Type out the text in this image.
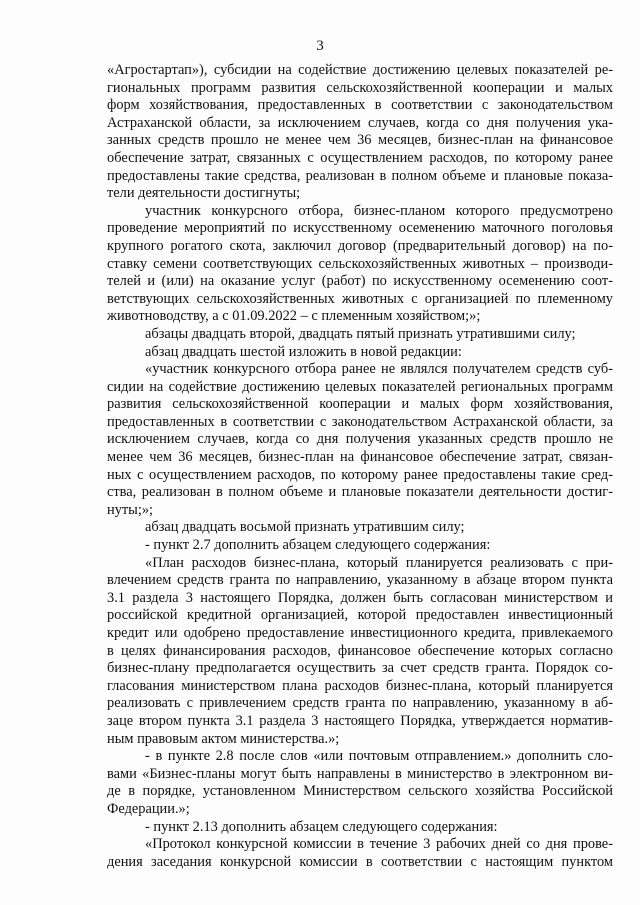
3
«Агростартап»), субсидии на содействие достижению целевых показателей ре-
гиональных программ развития сельскохозяйственной кооперации и малых
форм хозяйствования, предоставленных в соответствии с законодательством
Астраханской области, за исключением случаев, когда со дня получения ука-
занных средств прошло не менее чем 36 месяцев, бизнес-план на финансовое
обеспечение затрат, связанных с осуществлением расходов, по которому ранее
предоставлены такие средства, реализован в полном объеме и плановые показа-
тели деятельности достигнуты;
участник конкурсного отбора, бизнес-планом которого предусмотрено
проведение мероприятий по искусственному осеменению маточного поголовья
крупного рогатого скота, заключил договор (предварительный договор) на по-
ставку семени соответствующих сельскохозяйственных животных – производи-
телей и (или) на оказание услуг (работ) по искусственному осеменению соот-
ветствующих сельскохозяйственных животных с организацией по племенному
животноводству, а с 01.09.2022 – с племенным хозяйством;»;
абзацы двадцать второй, двадцать пятый признать утратившими силу;
абзац двадцать шестой изложить в новой редакции:
«участник конкурсного отбора ранее не являлся получателем средств суб-
сидии на содействие достижению целевых показателей региональных программ
развития сельскохозяйственной кооперации и малых форм хозяйствования,
предоставленных в соответствии с законодательством Астраханской области, за
исключением случаев, когда со дня получения указанных средств прошло не
менее чем 36 месяцев, бизнес-план на финансовое обеспечение затрат, связан-
ных с осуществлением расходов, по которому ранее предоставлены такие сред-
ства, реализован в полном объеме и плановые показатели деятельности достиг-
нуты;»;
абзац двадцать восьмой признать утратившим силу;
- пункт 2.7 дополнить абзацем следующего содержания:
«План расходов бизнес-плана, который планируется реализовать с при-
влечением средств гранта по направлению, указанному в абзаце втором пункта
3.1 раздела 3 настоящего Порядка, должен быть согласован министерством и
российской кредитной организацией, которой предоставлен инвестиционный
кредит или одобрено предоставление инвестиционного кредита, привлекаемого
в целях финансирования расходов, финансовое обеспечение которых согласно
бизнес-плану предполагается осуществить за счет средств гранта. Порядок со-
гласования министерством плана расходов бизнес-плана, который планируется
реализовать с привлечением средств гранта по направлению, указанному в аб-
заце втором пункта 3.1 раздела 3 настоящего Порядка, утверждается норматив-
ным правовым актом министерства.»;
- в пункте 2.8 после слов «или почтовым отправлением.» дополнить сло-
вами «Бизнес-планы могут быть направлены в министерство в электронном ви-
де в порядке, установленном Министерством сельского хозяйства Российской
Федерации.»;
- пункт 2.13 дополнить абзацем следующего содержания:
«Протокол конкурсной комиссии в течение 3 рабочих дней со дня прове-
дения заседания конкурсной комиссии в соответствии с настоящим пунктом
